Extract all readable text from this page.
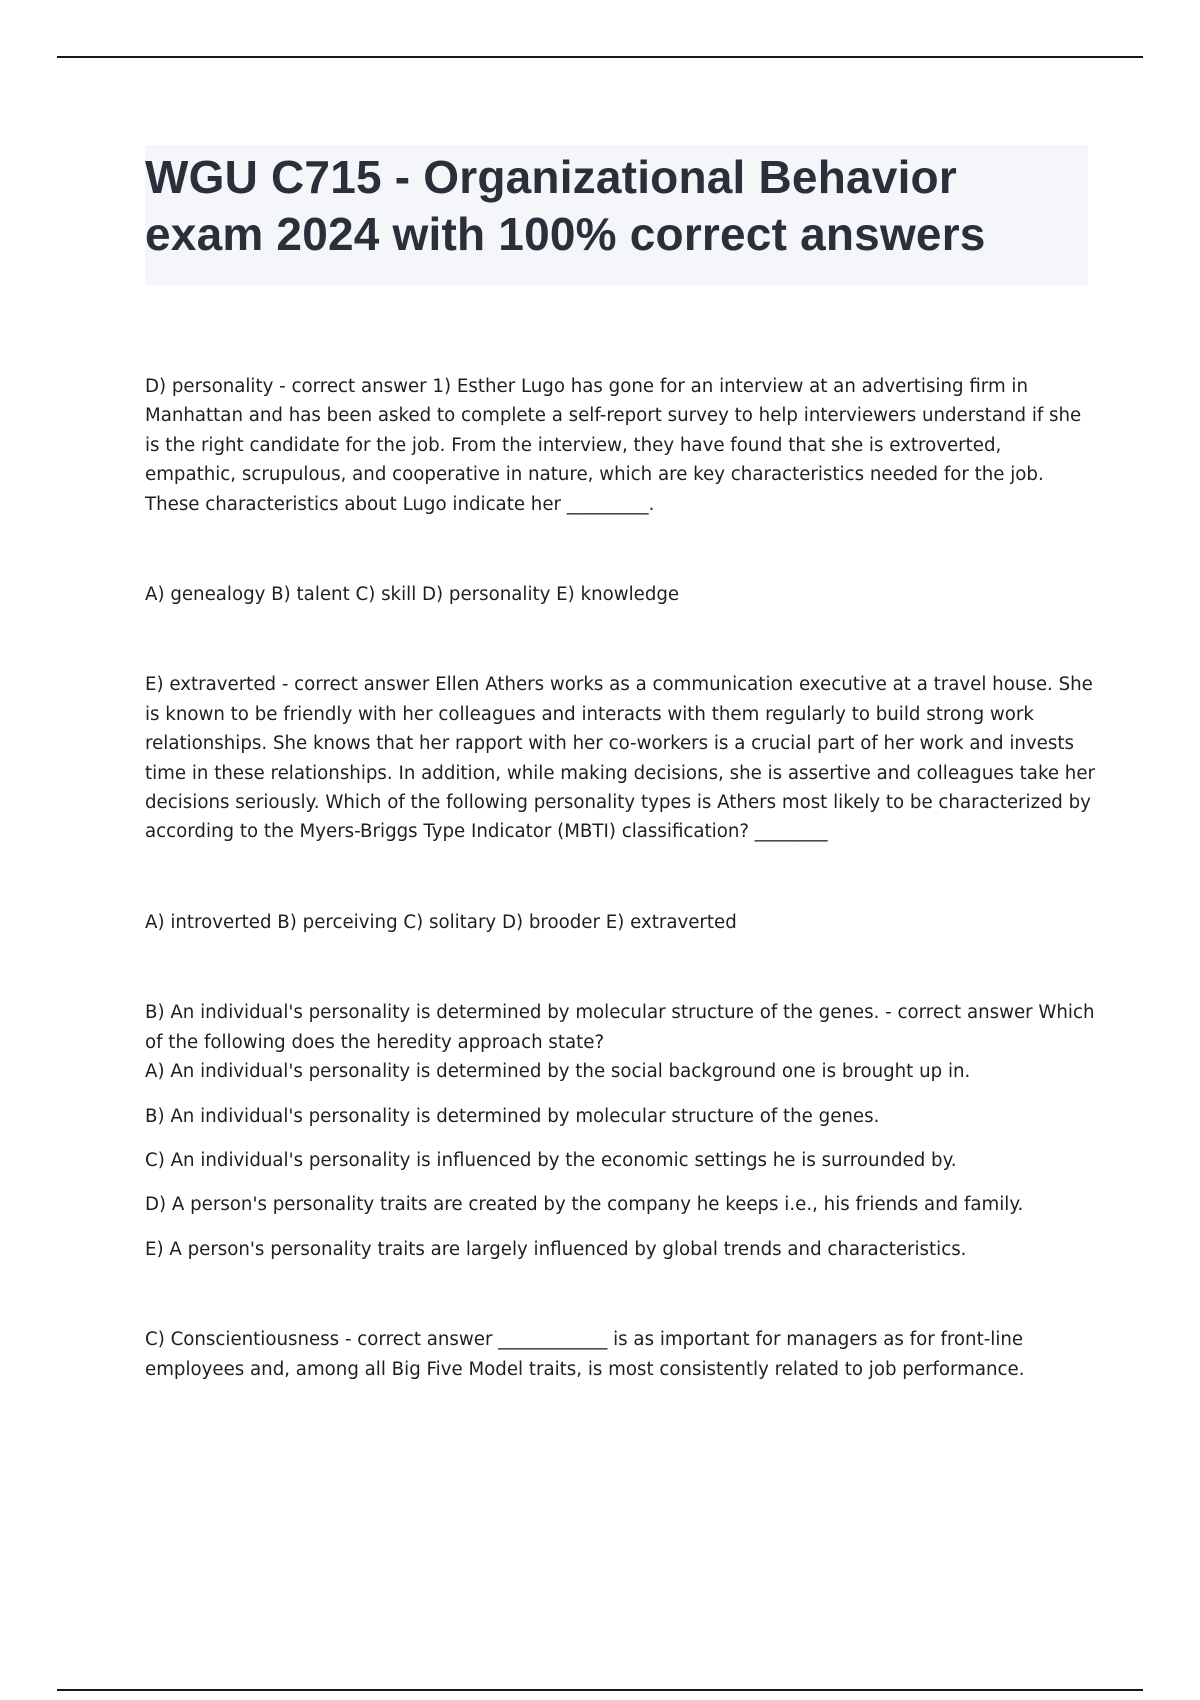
WGU C715 - Organizational Behavior
exam 2024 with 100% correct answers

D) personality - correct answer 1) Esther Lugo has gone for an interview at an advertising firm in Manhattan and has been asked to complete a self-report survey to help interviewers understand if she is the right candidate for the job. From the interview, they have found that she is extroverted, empathic, scrupulous, and cooperative in nature, which are key characteristics needed for the job. These characteristics about Lugo indicate her _________.

A) genealogy B) talent C) skill D) personality E) knowledge

E) extraverted - correct answer Ellen Athers works as a communication executive at a travel house. She is known to be friendly with her colleagues and interacts with them regularly to build strong work relationships. She knows that her rapport with her co-workers is a crucial part of her work and invests time in these relationships. In addition, while making decisions, she is assertive and colleagues take her decisions seriously. Which of the following personality types is Athers most likely to be characterized by according to the Myers-Briggs Type Indicator (MBTI) classification? ________

A) introverted B) perceiving C) solitary D) brooder E) extraverted

B) An individual's personality is determined by molecular structure of the genes. - correct answer Which of the following does the heredity approach state?

A) An individual's personality is determined by the social background one is brought up in.

B) An individual's personality is determined by molecular structure of the genes.

C) An individual's personality is influenced by the economic settings he is surrounded by.

D) A person's personality traits are created by the company he keeps i.e., his friends and family.

E) A person's personality traits are largely influenced by global trends and characteristics.

C) Conscientiousness - correct answer ____________ is as important for managers as for front-line employees and, among all Big Five Model traits, is most consistently related to job performance.
